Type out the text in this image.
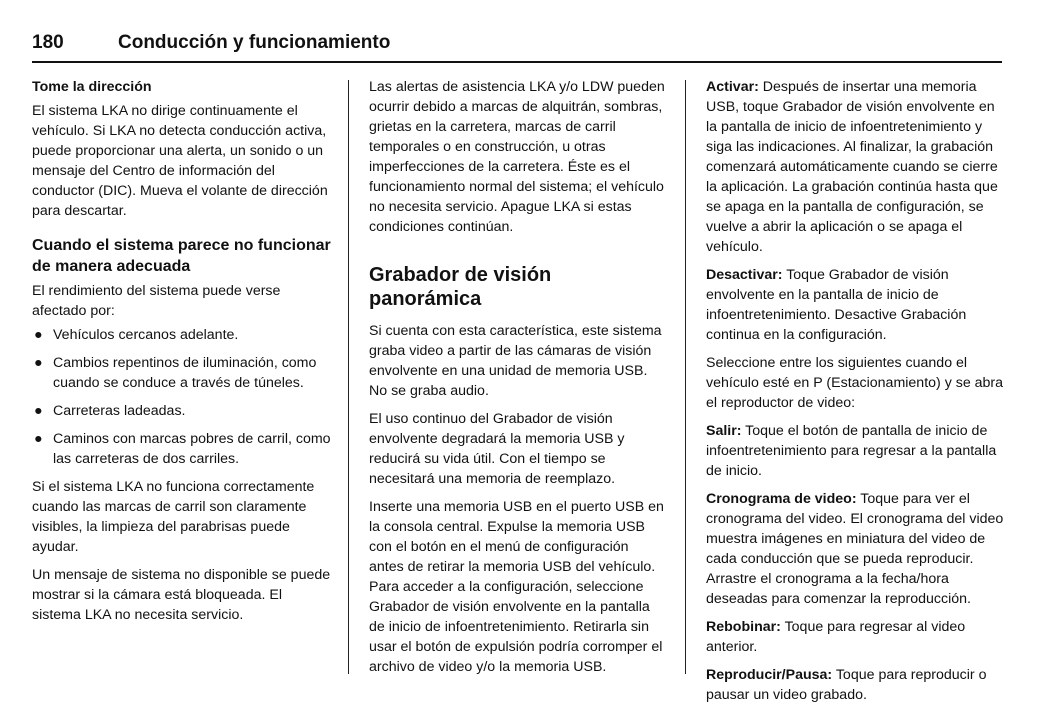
180	Conducción y funcionamiento

Tome la dirección

El sistema LKA no dirige continuamente el vehículo. Si LKA no detecta conducción activa, puede proporcionar una alerta, un sonido o un mensaje del Centro de información del conductor (DIC). Mueva el volante de dirección para descartar.

Cuando el sistema parece no funcionar de manera adecuada

El rendimiento del sistema puede verse afectado por:

● Vehículos cercanos adelante.
● Cambios repentinos de iluminación, como cuando se conduce a través de túneles.
● Carreteras ladeadas.
● Caminos con marcas pobres de carril, como las carreteras de dos carriles.

Si el sistema LKA no funciona correctamente cuando las marcas de carril son claramente visibles, la limpieza del parabrisas puede ayudar.

Un mensaje de sistema no disponible se puede mostrar si la cámara está bloqueada. El sistema LKA no necesita servicio.

Las alertas de asistencia LKA y/o LDW pueden ocurrir debido a marcas de alquitrán, sombras, grietas en la carretera, marcas de carril temporales o en construcción, u otras imperfecciones de la carretera. Éste es el funcionamiento normal del sistema; el vehículo no necesita servicio. Apague LKA si estas condiciones continúan.

Grabador de visión panorámica

Si cuenta con esta característica, este sistema graba video a partir de las cámaras de visión envolvente en una unidad de memoria USB. No se graba audio.

El uso continuo del Grabador de visión envolvente degradará la memoria USB y reducirá su vida útil. Con el tiempo se necesitará una memoria de reemplazo.

Inserte una memoria USB en el puerto USB en la consola central. Expulse la memoria USB con el botón en el menú de configuración antes de retirar la memoria USB del vehículo. Para acceder a la configuración, seleccione Grabador de visión envolvente en la pantalla de inicio de infoentretenimiento. Retirarla sin usar el botón de expulsión podría corromper el archivo de video y/o la memoria USB.

Activar: Después de insertar una memoria USB, toque Grabador de visión envolvente en la pantalla de inicio de infoentretenimiento y siga las indicaciones. Al finalizar, la grabación comenzará automáticamente cuando se cierre la aplicación. La grabación continúa hasta que se apaga en la pantalla de configuración, se vuelve a abrir la aplicación o se apaga el vehículo.

Desactivar: Toque Grabador de visión envolvente en la pantalla de inicio de infoentretenimiento. Desactive Grabación continua en la configuración.

Seleccione entre los siguientes cuando el vehículo esté en P (Estacionamiento) y se abra el reproductor de video:

Salir: Toque el botón de pantalla de inicio de infoentretenimiento para regresar a la pantalla de inicio.

Cronograma de video: Toque para ver el cronograma del video. El cronograma del video muestra imágenes en miniatura del video de cada conducción que se pueda reproducir. Arrastre el cronograma a la fecha/hora deseadas para comenzar la reproducción.

Rebobinar: Toque para regresar al video anterior.

Reproducir/Pausa: Toque para reproducir o pausar un video grabado.
